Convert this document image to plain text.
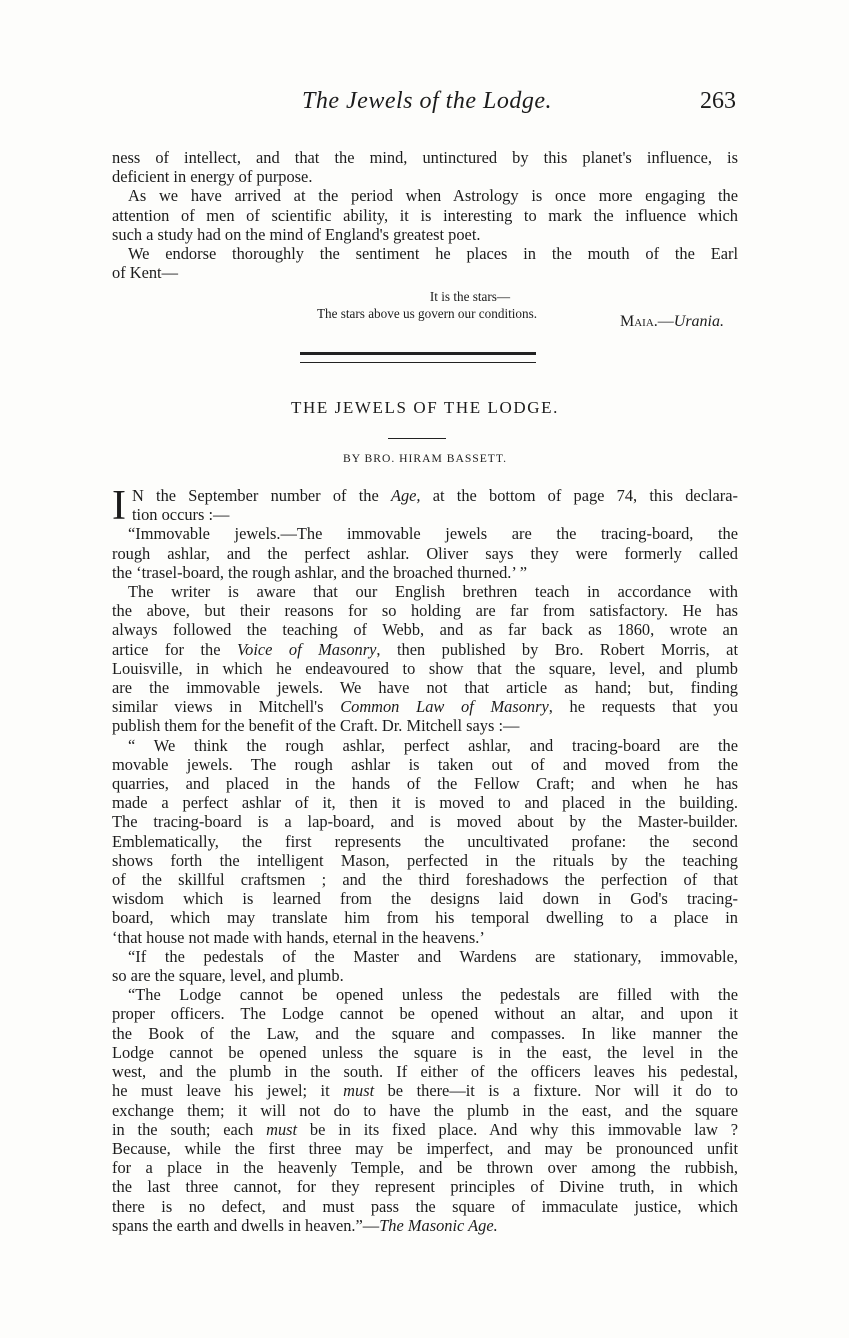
The Jewels of the Lodge.	263
ness of intellect, and that the mind, untinctured by this planet's influence, is
deficient in energy of purpose.
As we have arrived at the period when Astrology is once more engaging the
attention of men of scientific ability, it is interesting to mark the influence which
such a study had on the mind of England's greatest poet.
We endorse thoroughly the sentiment he places in the mouth of the Earl
of Kent—
It is the stars—
The stars above us govern our conditions.	Maia.—Urania.
THE JEWELS OF THE LODGE.
BY BRO. HIRAM BASSETT.
I N the September number of the Age, at the bottom of page 74, this declara-
tion occurs :—
“Immovable jewels.—The immovable jewels are the tracing-board, the
rough ashlar, and the perfect ashlar. Oliver says they were formerly called
the ‘trasel-board, the rough ashlar, and the broached thurned.’ ”
The writer is aware that our English brethren teach in accordance with
the above, but their reasons for so holding are far from satisfactory. He has
always followed the teaching of Webb, and as far back as 1860, wrote an
artice for the Voice of Masonry, then published by Bro. Robert Morris, at
Louisville, in which he endeavoured to show that the square, level, and plumb
are the immovable jewels. We have not that article as hand; but, finding
similar views in Mitchell's Common Law of Masonry, he requests that you
publish them for the benefit of the Craft. Dr. Mitchell says :—
“ We think the rough ashlar, perfect ashlar, and tracing-board are the
movable jewels. The rough ashlar is taken out of and moved from the
quarries, and placed in the hands of the Fellow Craft; and when he has
made a perfect ashlar of it, then it is moved to and placed in the building.
The tracing-board is a lap-board, and is moved about by the Master-builder.
Emblematically, the first represents the uncultivated profane: the second
shows forth the intelligent Mason, perfected in the rituals by the teaching
of the skillful craftsmen ; and the third foreshadows the perfection of that
wisdom which is learned from the designs laid down in God's tracing-
board, which may translate him from his temporal dwelling to a place in
‘that house not made with hands, eternal in the heavens.’
“If the pedestals of the Master and Wardens are stationary, immovable,
so are the square, level, and plumb.
“The Lodge cannot be opened unless the pedestals are filled with the
proper officers. The Lodge cannot be opened without an altar, and upon it
the Book of the Law, and the square and compasses. In like manner the
Lodge cannot be opened unless the square is in the east, the level in the
west, and the plumb in the south. If either of the officers leaves his pedestal,
he must leave his jewel; it must be there—it is a fixture. Nor will it do to
exchange them; it will not do to have the plumb in the east, and the square
in the south; each must be in its fixed place. And why this immovable law ?
Because, while the first three may be imperfect, and may be pronounced unfit
for a place in the heavenly Temple, and be thrown over among the rubbish,
the last three cannot, for they represent principles of Divine truth, in which
there is no defect, and must pass the square of immaculate justice, which
spans the earth and dwells in heaven.”—The Masonic Age.
